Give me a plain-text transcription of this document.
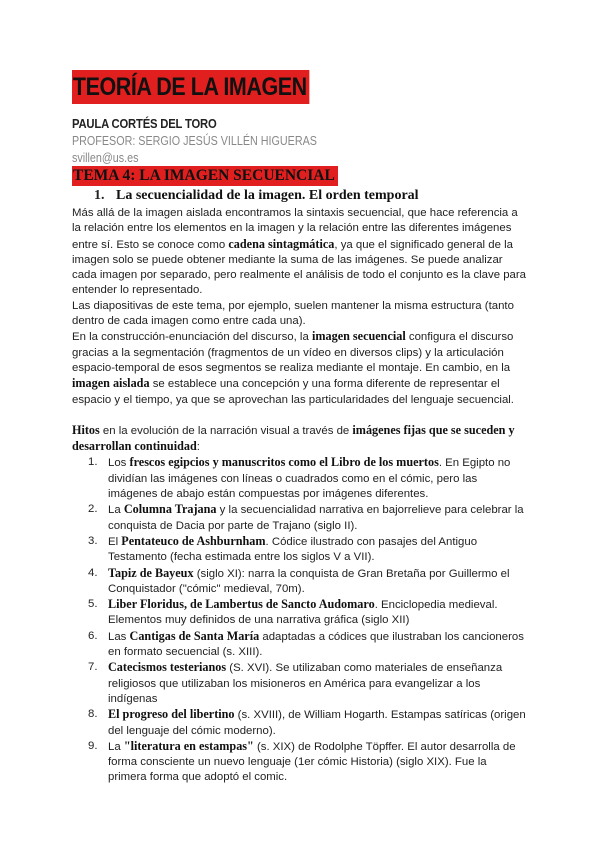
TEORÍA DE LA IMAGEN
PAULA CORTÉS DEL TORO
PROFESOR: SERGIO JESÚS VILLÉN HIGUERAS
svillen@us.es
TEMA 4: LA IMAGEN SECUENCIAL
1. La secuencialidad de la imagen. El orden temporal

Más allá de la imagen aislada encontramos la sintaxis secuencial, que hace referencia a la relación entre los elementos en la imagen y la relación entre las diferentes imágenes entre sí. Esto se conoce como cadena sintagmática, ya que el significado general de la imagen solo se puede obtener mediante la suma de las imágenes. Se puede analizar cada imagen por separado, pero realmente el análisis de todo el conjunto es la clave para entender lo representado.

Las diapositivas de este tema, por ejemplo, suelen mantener la misma estructura (tanto dentro de cada imagen como entre cada una).

En la construcción-enunciación del discurso, la imagen secuencial configura el discurso gracias a la segmentación (fragmentos de un vídeo en diversos clips) y la articulación espacio-temporal de esos segmentos se realiza mediante el montaje. En cambio, en la imagen aislada se establece una concepción y una forma diferente de representar el espacio y el tiempo, ya que se aprovechan las particularidades del lenguaje secuencial.

Hitos en la evolución de la narración visual a través de imágenes fijas que se suceden y desarrollan continuidad:

1. Los frescos egipcios y manuscritos como el Libro de los muertos. En Egipto no dividían las imágenes con líneas o cuadrados como en el cómic, pero las imágenes de abajo están compuestas por imágenes diferentes.
2. La Columna Trajana y la secuencialidad narrativa en bajorrelieve para celebrar la conquista de Dacia por parte de Trajano (siglo II).
3. El Pentateuco de Ashburnham. Códice ilustrado con pasajes del Antiguo Testamento (fecha estimada entre los siglos V a VII).
4. Tapiz de Bayeux (siglo XI): narra la conquista de Gran Bretaña por Guillermo el Conquistador ("cómic" medieval, 70m).
5. Liber Floridus, de Lambertus de Sancto Audomaro. Enciclopedia medieval. Elementos muy definidos de una narrativa gráfica (siglo XII)
6. Las Cantigas de Santa María adaptadas a códices que ilustraban los cancioneros en formato secuencial (s. XIII).
7. Catecismos testerianos (S. XVI). Se utilizaban como materiales de enseñanza religiosos que utilizaban los misioneros en América para evangelizar a los indígenas
8. El progreso del libertino (s. XVIII), de William Hogarth. Estampas satíricas (origen del lenguaje del cómic moderno).
9. La "literatura en estampas" (s. XIX) de Rodolphe Töpffer. El autor desarrolla de forma consciente un nuevo lenguaje (1er cómic Historia) (siglo XIX). Fue la primera forma que adoptó el comic.
